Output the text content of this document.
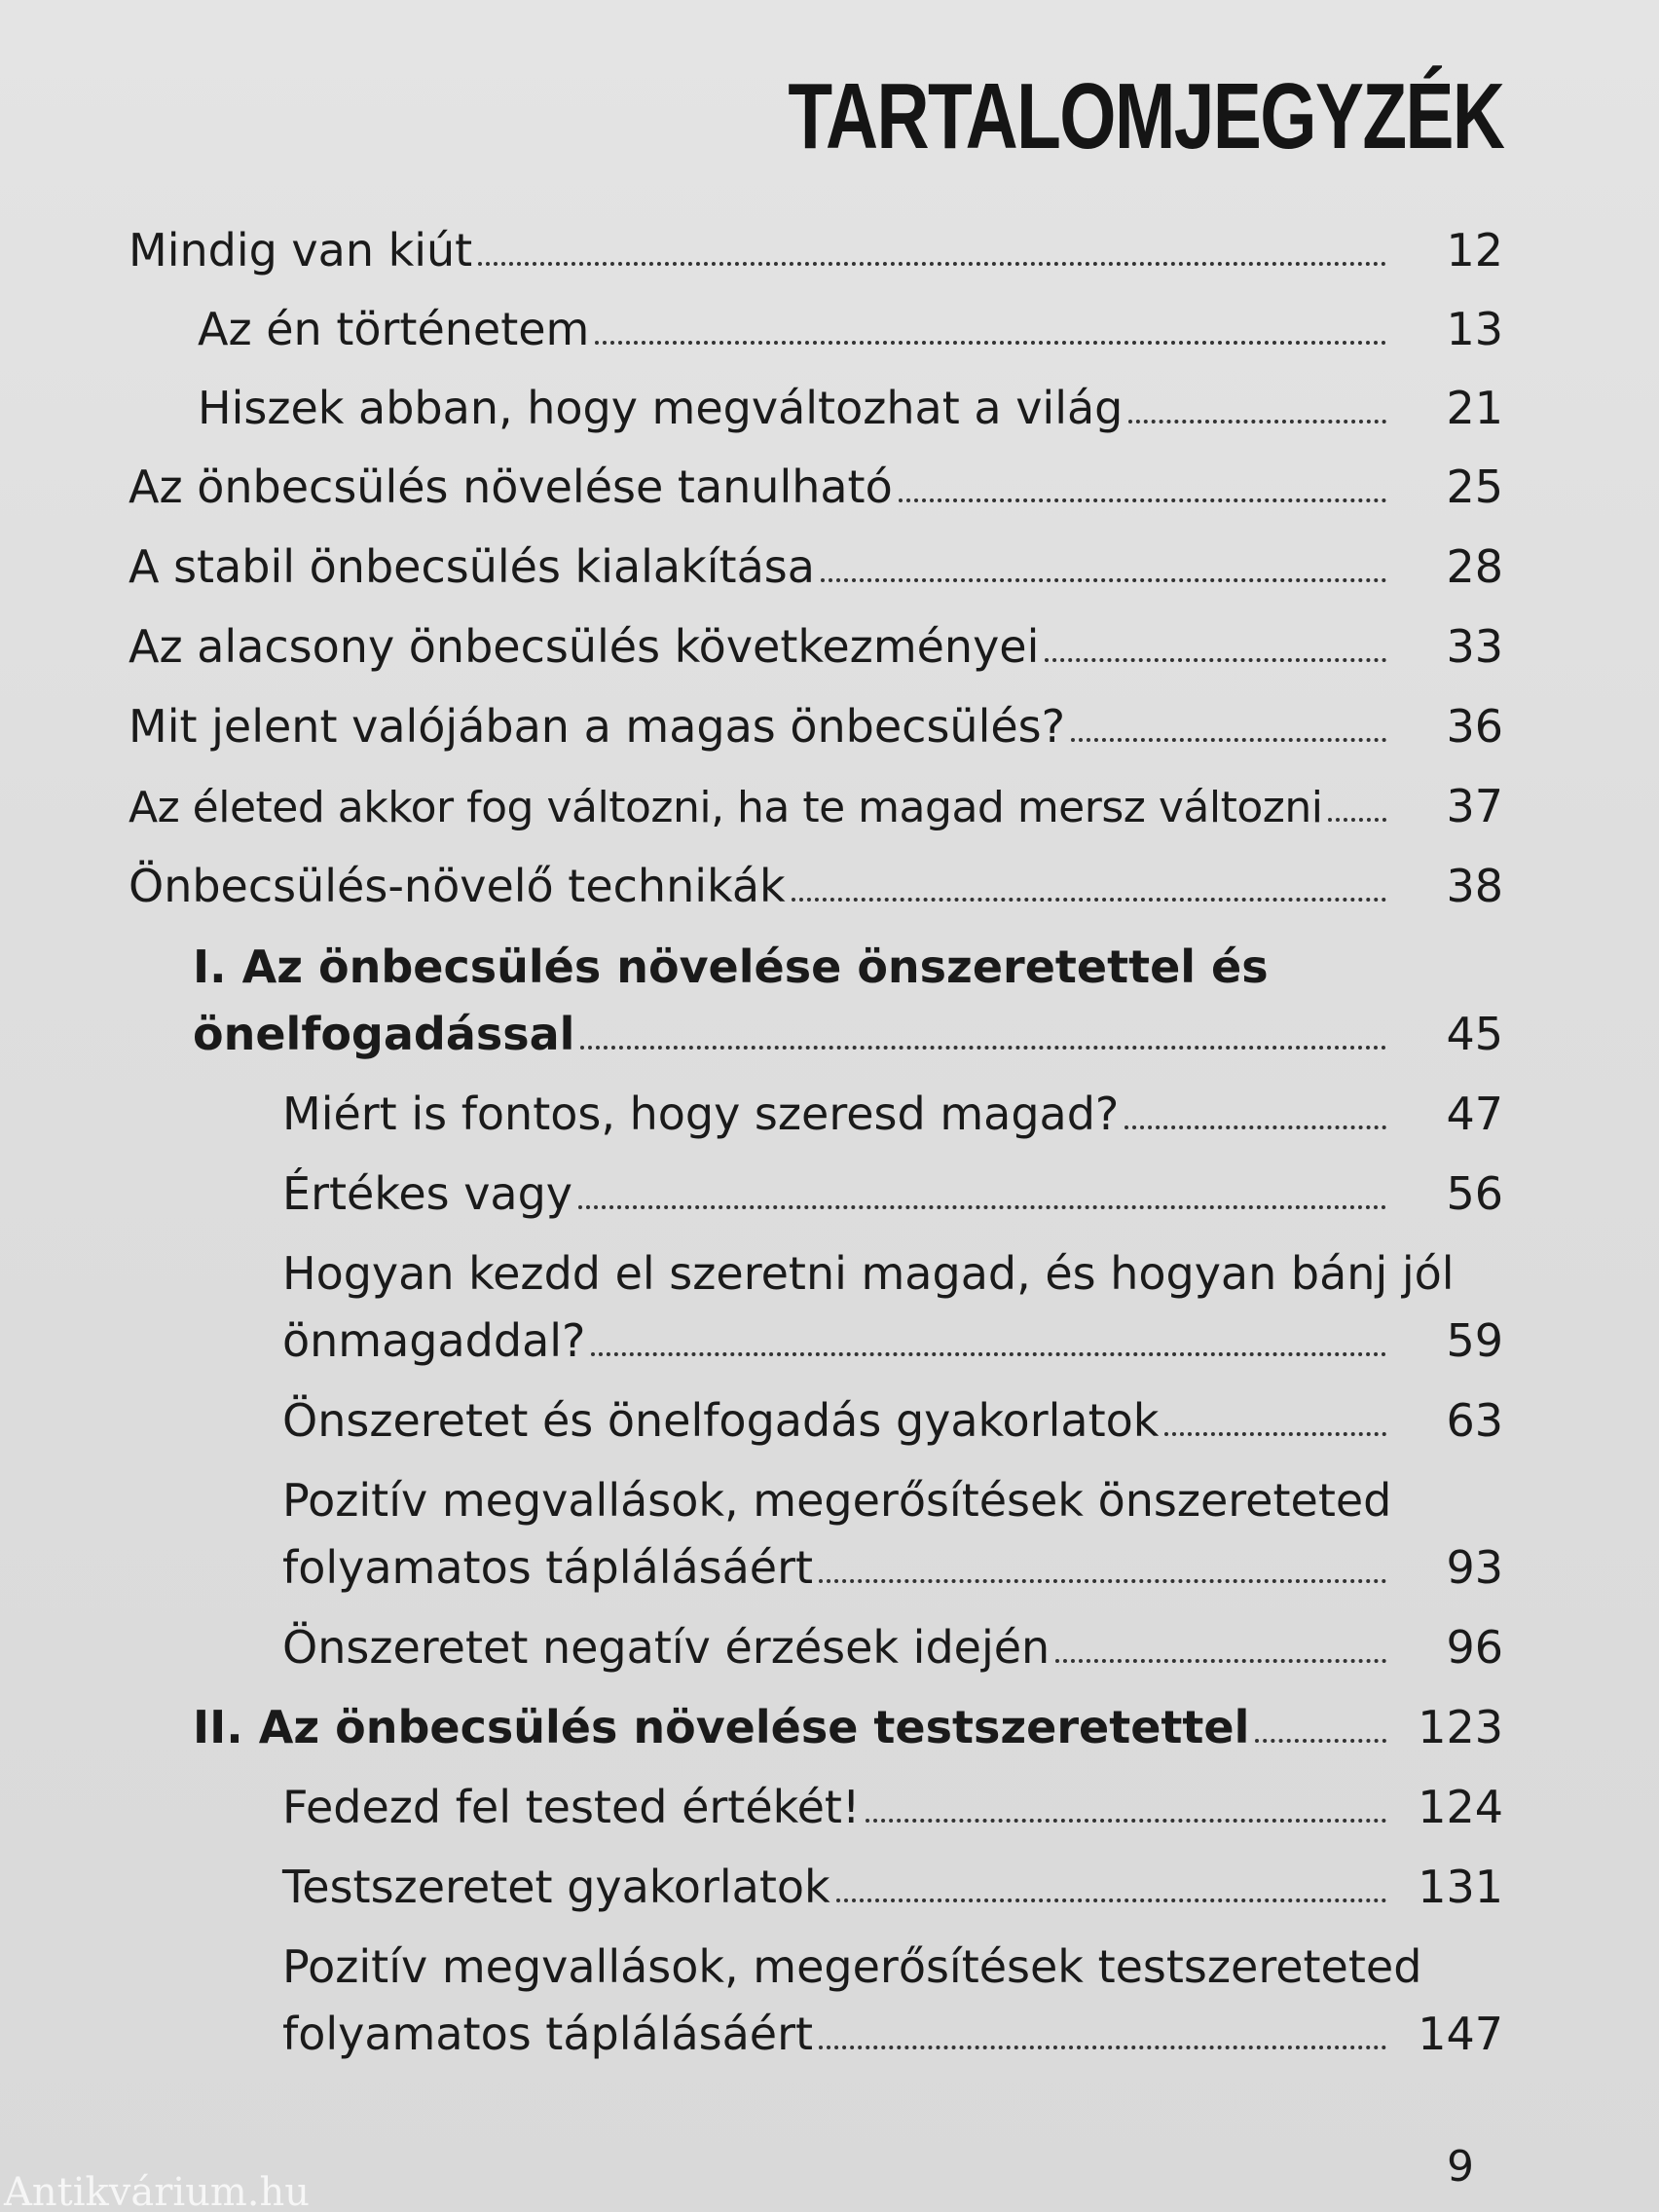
TARTALOMJEGYZÉK
Mindig van kiút	12
Az én történetem	13
Hiszek abban, hogy megváltozhat a világ	21
Az önbecsülés növelése tanulható	25
A stabil önbecsülés kialakítása	28
Az alacsony önbecsülés következményei	33
Mit jelent valójában a magas önbecsülés?	36
Az életed akkor fog változni, ha te magad mersz változni	37
Önbecsülés-növelő technikák	38
I. Az önbecsülés növelése önszeretettel és
önelfogadással	45
Miért is fontos, hogy szeresd magad?	47
Értékes vagy	56
Hogyan kezdd el szeretni magad, és hogyan bánj jól
önmagaddal?	59
Önszeretet és önelfogadás gyakorlatok	63
Pozitív megvallások, megerősítések önszereteted
folyamatos táplálásáért	93
Önszeretet negatív érzések idején	96
II. Az önbecsülés növelése testszeretettel	123
Fedezd fel tested értékét!	124
Testszeretet gyakorlatok	131
Pozitív megvallások, megerősítések testszereteted
folyamatos táplálásáért	147
9
Antikvárium.hu
